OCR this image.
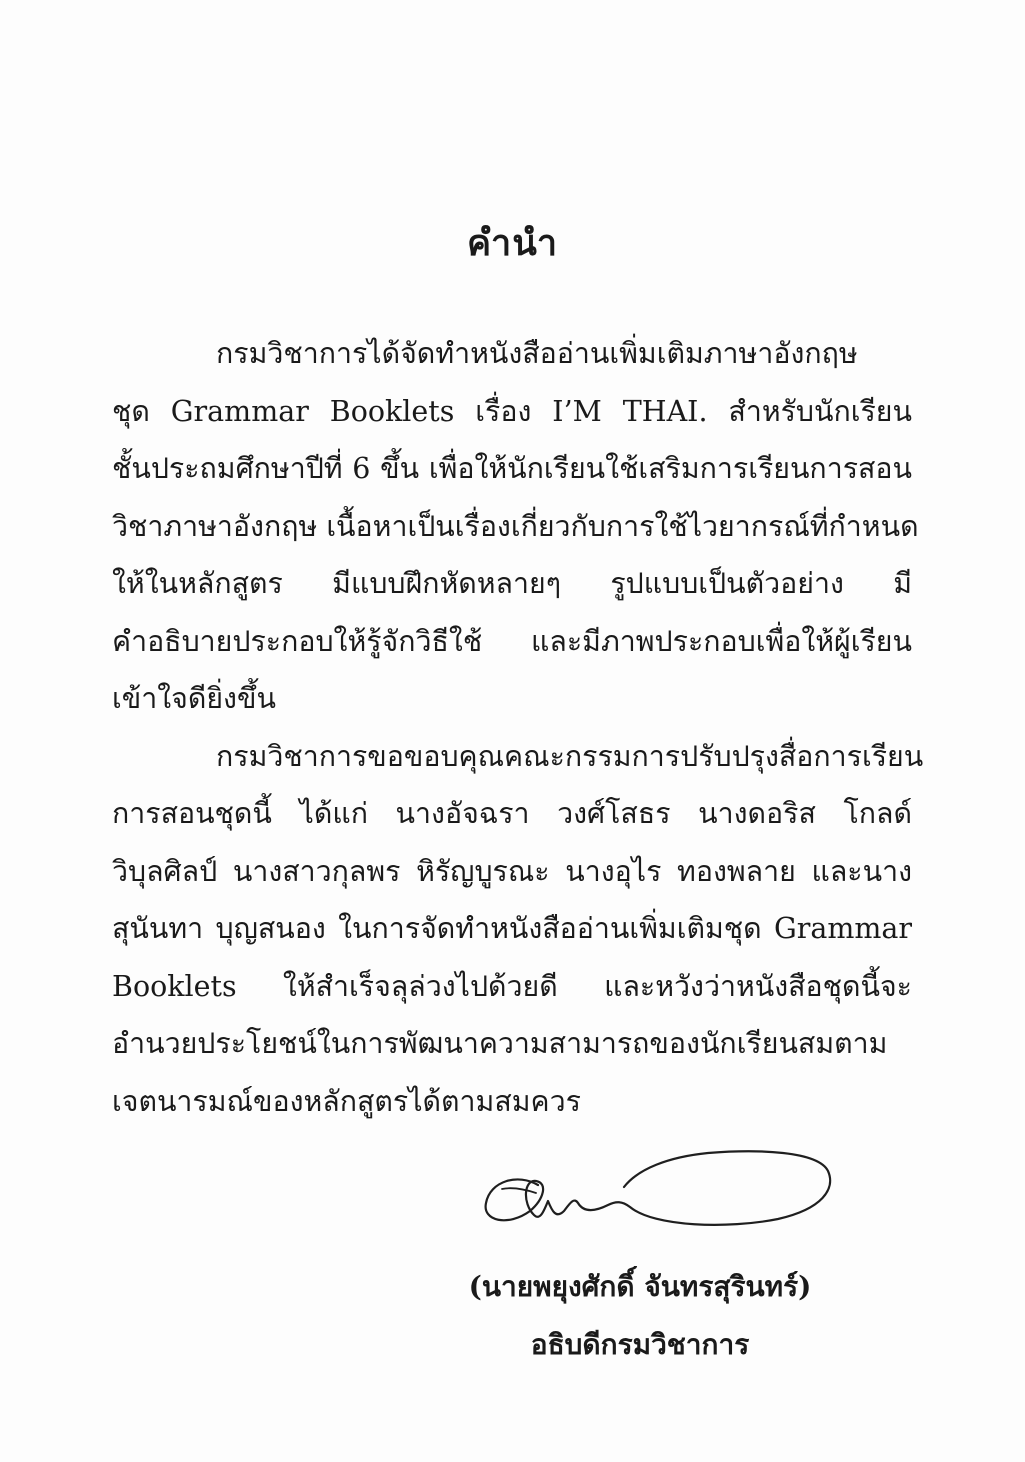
คำนำ
กรมวิชาการได้จัดทำหนังสืออ่านเพิ่มเติมภาษาอังกฤษ
ชุด Grammar Booklets เรื่อง I’M THAI. สำหรับนักเรียน
ชั้นประถมศึกษาปีที่ 6 ขึ้น เพื่อให้นักเรียนใช้เสริมการเรียนการสอน
วิชาภาษาอังกฤษ เนื้อหาเป็นเรื่องเกี่ยวกับการใช้ไวยากรณ์ที่กำหนด
ให้ในหลักสูตร มีแบบฝึกหัดหลายๆ รูปแบบเป็นตัวอย่าง มี
คำอธิบายประกอบให้รู้จักวิธีใช้ และมีภาพประกอบเพื่อให้ผู้เรียน
เข้าใจดียิ่งขึ้น
กรมวิชาการขอขอบคุณคณะกรรมการปรับปรุงสื่อการเรียน
การสอนชุดนี้ ได้แก่ นางอัจฉรา วงศ์โสธร นางดอริส โกลด์
วิบุลศิลป์ นางสาวกุลพร หิรัญบูรณะ นางอุไร ทองพลาย และนาง
สุนันทา บุญสนอง ในการจัดทำหนังสืออ่านเพิ่มเติมชุด Grammar
Booklets ให้สำเร็จลุล่วงไปด้วยดี และหวังว่าหนังสือชุดนี้จะ
อำนวยประโยชน์ในการพัฒนาความสามารถของนักเรียนสมตาม
เจตนารมณ์ของหลักสูตรได้ตามสมควร
(นายพยุงศักดิ์ จันทรสุรินทร์)
อธิบดีกรมวิชาการ
